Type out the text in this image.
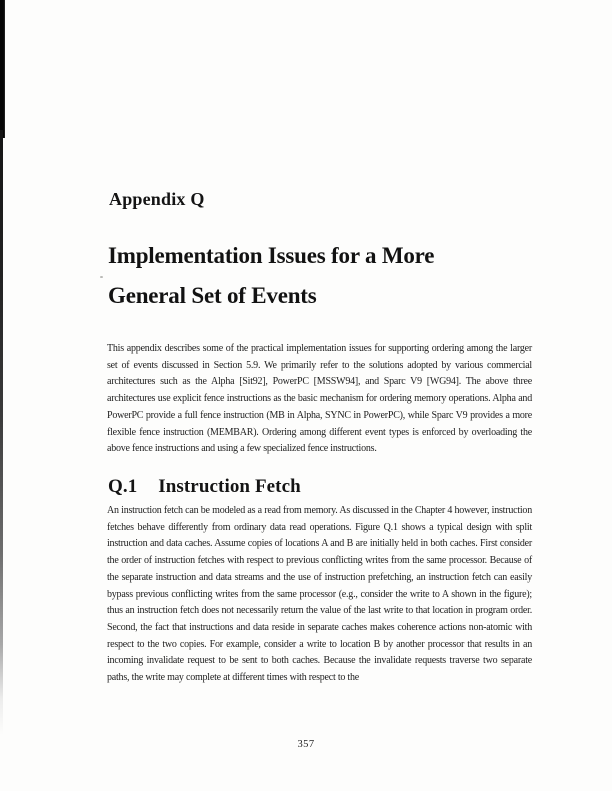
Appendix Q
Implementation Issues for a More
General Set of Events

This appendix describes some of the practical implementation issues for supporting ordering among the larger set of events discussed in Section 5.9. We primarily refer to the solutions adopted by various commercial architectures such as the Alpha [Sit92], PowerPC [MSSW94], and Sparc V9 [WG94]. The above three architectures use explicit fence instructions as the basic mechanism for ordering memory operations. Alpha and PowerPC provide a full fence instruction (MB in Alpha, SYNC in PowerPC), while Sparc V9 provides a more flexible fence instruction (MEMBAR). Ordering among different event types is enforced by overloading the above fence instructions and using a few specialized fence instructions.

Q.1 Instruction Fetch

An instruction fetch can be modeled as a read from memory. As discussed in the Chapter 4 however, instruction fetches behave differently from ordinary data read operations. Figure Q.1 shows a typical design with split instruction and data caches. Assume copies of locations A and B are initially held in both caches. First consider the order of instruction fetches with respect to previous conflicting writes from the same processor. Because of the separate instruction and data streams and the use of instruction prefetching, an instruction fetch can easily bypass previous conflicting writes from the same processor (e.g., consider the write to A shown in the figure); thus an instruction fetch does not necessarily return the value of the last write to that location in program order. Second, the fact that instructions and data reside in separate caches makes coherence actions non-atomic with respect to the two copies. For example, consider a write to location B by another processor that results in an incoming invalidate request to be sent to both caches. Because the invalidate requests traverse two separate paths, the write may complete at different times with respect to the

357
